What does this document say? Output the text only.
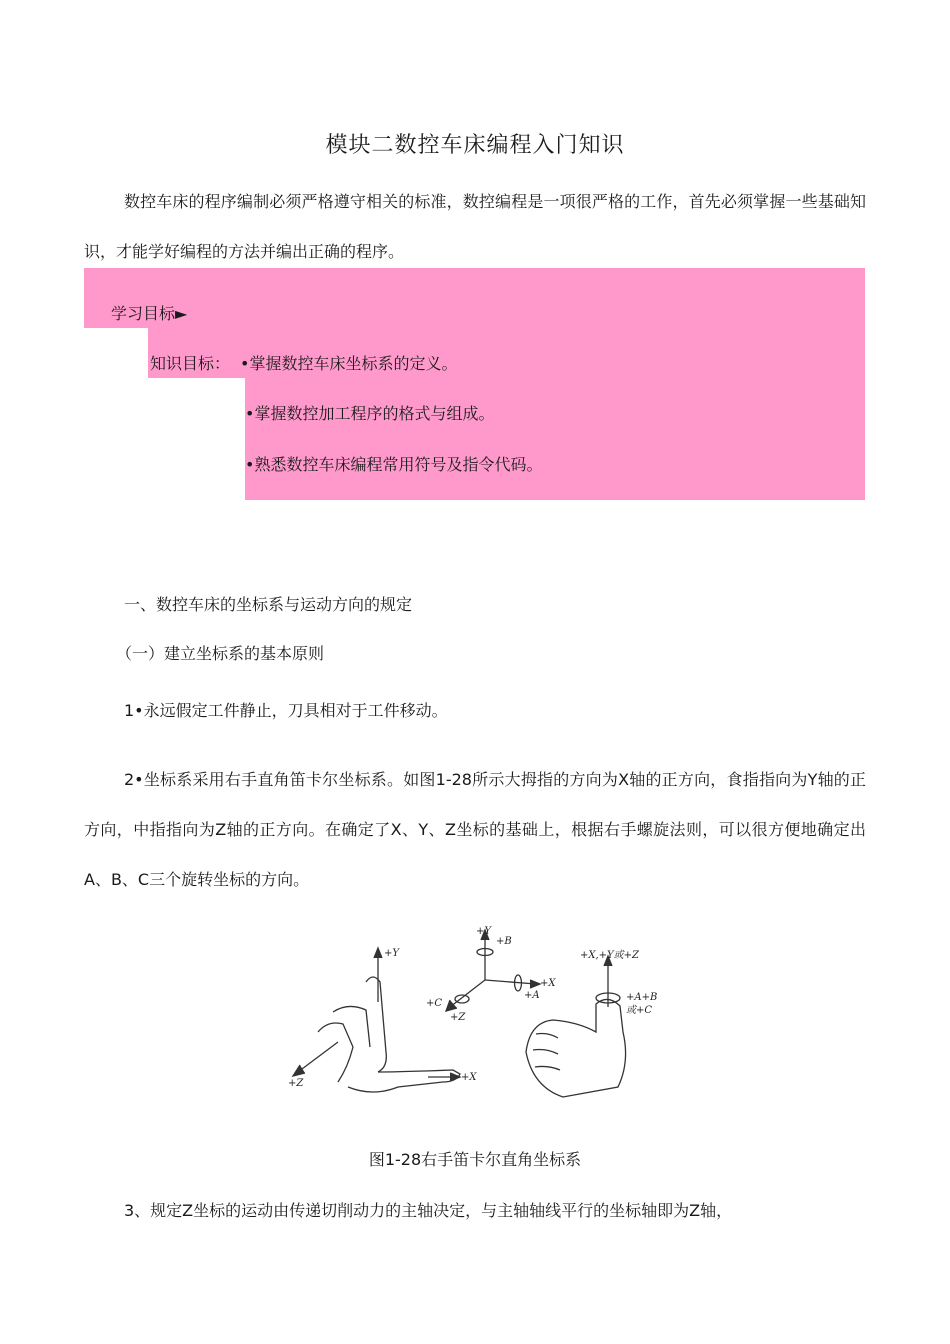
模块二数控车床编程入门知识
数控车床的程序编制必须严格遵守相关的标准，数控编程是一项很严格的工作，首先必须掌握一些基础知识，才能学好编程的方法并编出正确的程序。
学习目标►
知识目标： •掌握数控车床坐标系的定义。
•掌握数控加工程序的格式与组成。
•熟悉数控车床编程常用符号及指令代码。
一、数控车床的坐标系与运动方向的规定
（一）建立坐标系的基本原则
1•永远假定工件静止，刀具相对于工件移动。
2•坐标系采用右手直角笛卡尔坐标系。如图1-28所示大拇指的方向为X轴的正方向，食指指向为Y轴的正方向，中指指向为Z轴的正方向。在确定了X、Y、Z坐标的基础上，根据右手螺旋法则，可以很方便地确定出A、B、C三个旋转坐标的方向。
+Y
+X
+Z
+Y
+B
+X
+A
+C
+Z
+X,+Y或+Z
+A+B
或+C
图1-28右手笛卡尔直角坐标系
3、规定Z坐标的运动由传递切削动力的主轴决定，与主轴轴线平行的坐标轴即为Z轴，
